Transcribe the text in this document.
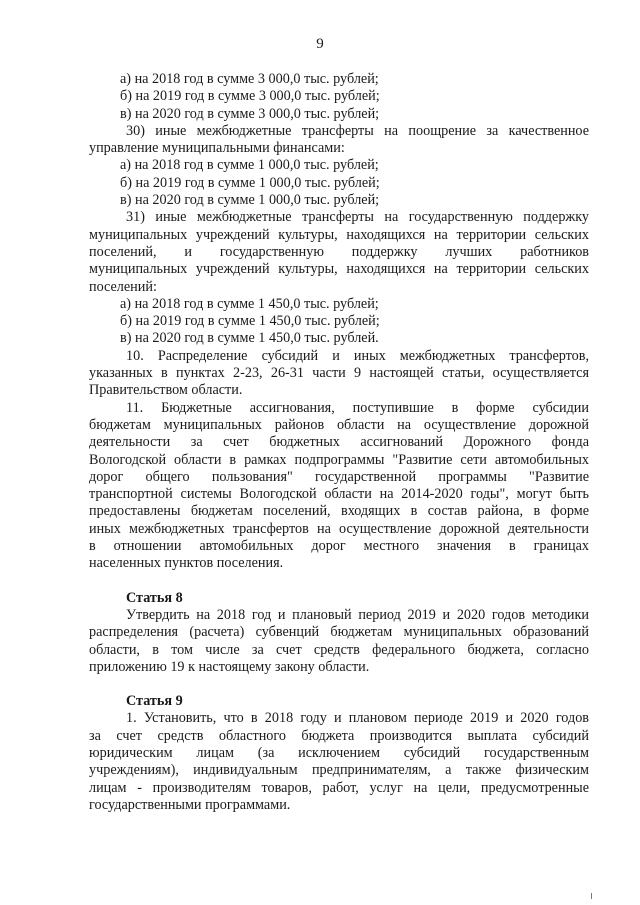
9

а) на 2018 год в сумме 3 000,0 тыс. рублей;

б) на 2019 год в сумме 3 000,0 тыс. рублей;

в) на 2020 год в сумме 3 000,0 тыс. рублей;

30) иные межбюджетные трансферты на поощрение за качественное

управление муниципальными финансами:

а) на 2018 год в сумме 1 000,0 тыс. рублей;

б) на 2019 год в сумме 1 000,0 тыс. рублей;

в) на 2020 год в сумме 1 000,0 тыс. рублей;

31) иные межбюджетные трансферты на государственную поддержку

муниципальных учреждений культуры, находящихся на территории сельских

поселений, и государственную поддержку лучших работников

муниципальных учреждений культуры, находящихся на территории сельских

поселений:

а) на 2018 год в сумме 1 450,0 тыс. рублей;

б) на 2019 год в сумме 1 450,0 тыс. рублей;

в) на 2020 год в сумме 1 450,0 тыс. рублей.

10. Распределение субсидий и иных межбюджетных трансфертов,

указанных в пунктах 2-23, 26-31 части 9 настоящей статьи, осуществляется

Правительством области.

11. Бюджетные ассигнования, поступившие в форме субсидии

бюджетам муниципальных районов области на осуществление дорожной

деятельности за счет бюджетных ассигнований Дорожного фонда

Вологодской области в рамках подпрограммы "Развитие сети автомобильных

дорог общего пользования" государственной программы "Развитие

транспортной системы Вологодской области на 2014-2020 годы", могут быть

предоставлены бюджетам поселений, входящих в состав района, в форме

иных межбюджетных трансфертов на осуществление дорожной деятельности

в отношении автомобильных дорог местного значения в границах

населенных пунктов поселения.

Статья 8

Утвердить на 2018 год и плановый период 2019 и 2020 годов методики

распределения (расчета) субвенций бюджетам муниципальных образований

области, в том числе за счет средств федерального бюджета, согласно

приложению 19 к настоящему закону области.

Статья 9

1. Установить, что в 2018 году и плановом периоде 2019 и 2020 годов

за счет средств областного бюджета производится выплата субсидий

юридическим лицам (за исключением субсидий государственным

учреждениям), индивидуальным предпринимателям, а также физическим

лицам - производителям товаров, работ, услуг на цели, предусмотренные

государственными программами.
